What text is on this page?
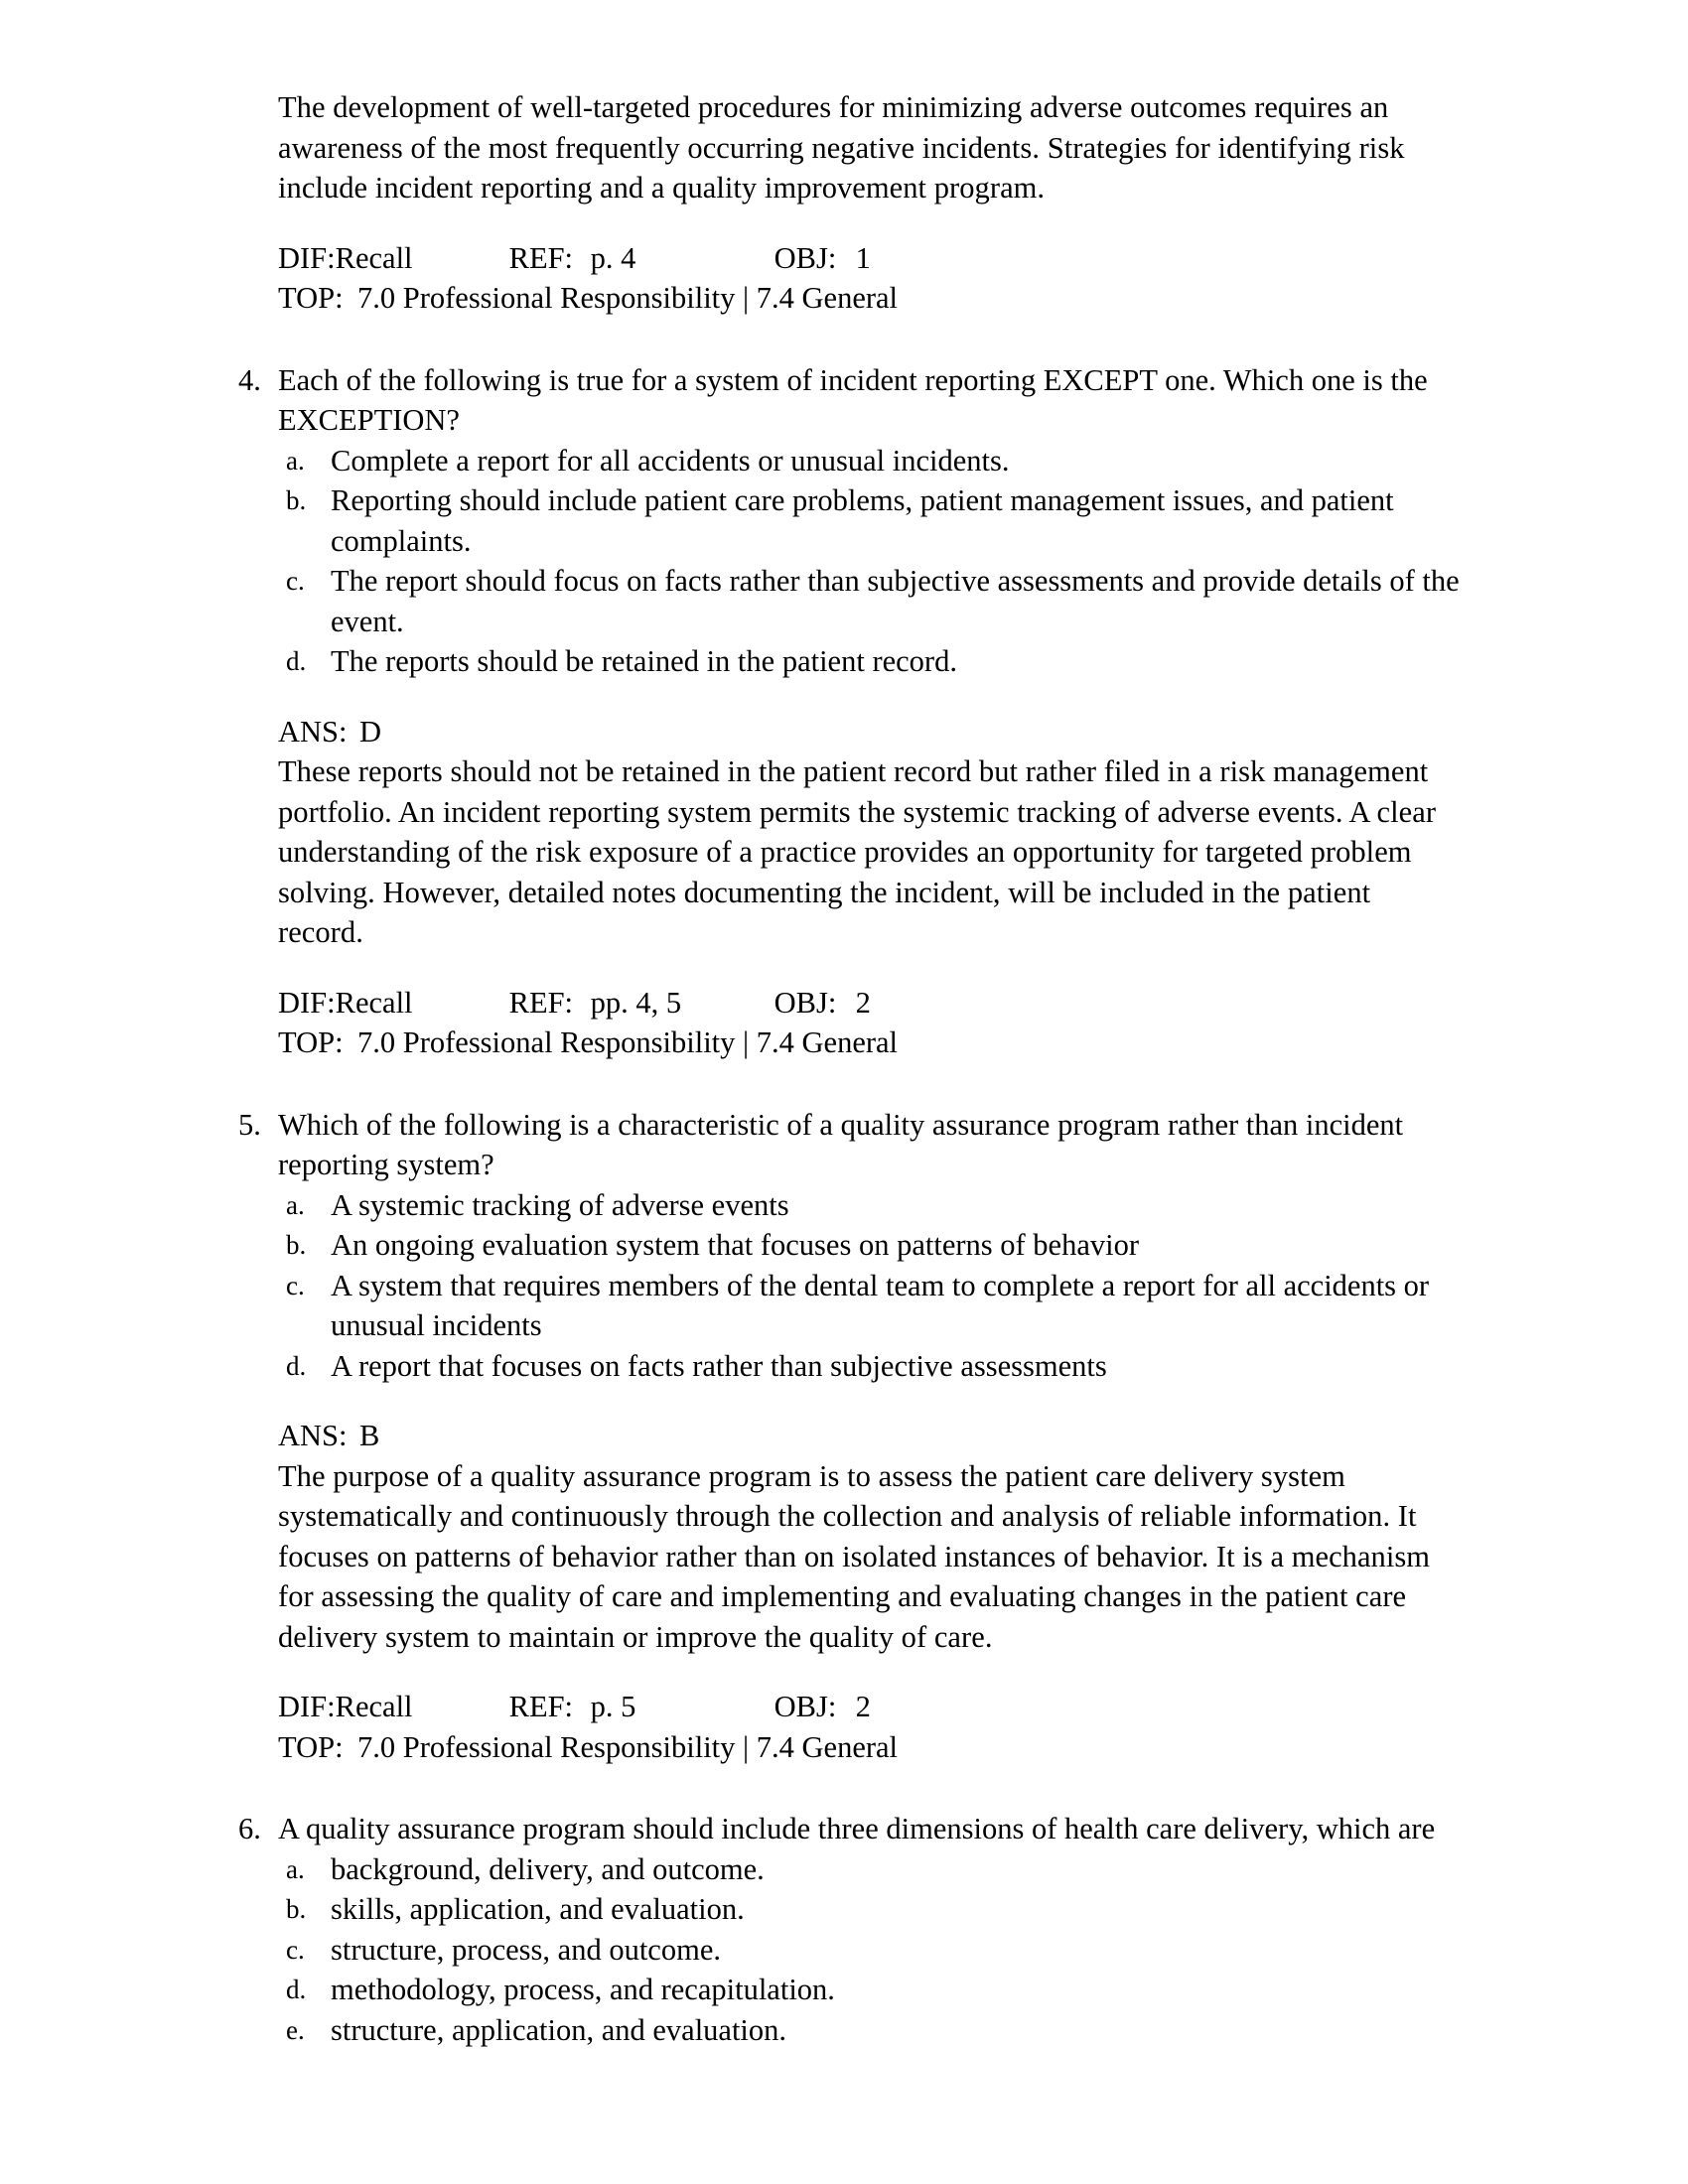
The development of well-targeted procedures for minimizing adverse outcomes requires an awareness of the most frequently occurring negative incidents. Strategies for identifying risk include incident reporting and a quality improvement program.

DIF:Recall	REF: p. 4	OBJ: 1
TOP: 7.0 Professional Responsibility | 7.4 General
4. Each of the following is true for a system of incident reporting EXCEPT one. Which one is the EXCEPTION?
a. Complete a report for all accidents or unusual incidents.
b. Reporting should include patient care problems, patient management issues, and patient complaints.
c. The report should focus on facts rather than subjective assessments and provide details of the event.
d. The reports should be retained in the patient record.
ANS: D

These reports should not be retained in the patient record but rather filed in a risk management portfolio. An incident reporting system permits the systemic tracking of adverse events. A clear understanding of the risk exposure of a practice provides an opportunity for targeted problem solving. However, detailed notes documenting the incident, will be included in the patient record.

DIF:Recall	REF: pp. 4, 5	OBJ: 2
TOP: 7.0 Professional Responsibility | 7.4 General
5. Which of the following is a characteristic of a quality assurance program rather than incident reporting system?
a. A systemic tracking of adverse events
b. An ongoing evaluation system that focuses on patterns of behavior
c. A system that requires members of the dental team to complete a report for all accidents or unusual incidents
d. A report that focuses on facts rather than subjective assessments
ANS: B

The purpose of a quality assurance program is to assess the patient care delivery system systematically and continuously through the collection and analysis of reliable information. It focuses on patterns of behavior rather than on isolated instances of behavior. It is a mechanism for assessing the quality of care and implementing and evaluating changes in the patient care delivery system to maintain or improve the quality of care.

DIF:Recall	REF: p. 5	OBJ: 2
TOP: 7.0 Professional Responsibility | 7.4 General
6. A quality assurance program should include three dimensions of health care delivery, which are
a. background, delivery, and outcome.
b. skills, application, and evaluation.
c. structure, process, and outcome.
d. methodology, process, and recapitulation.
e. structure, application, and evaluation.
